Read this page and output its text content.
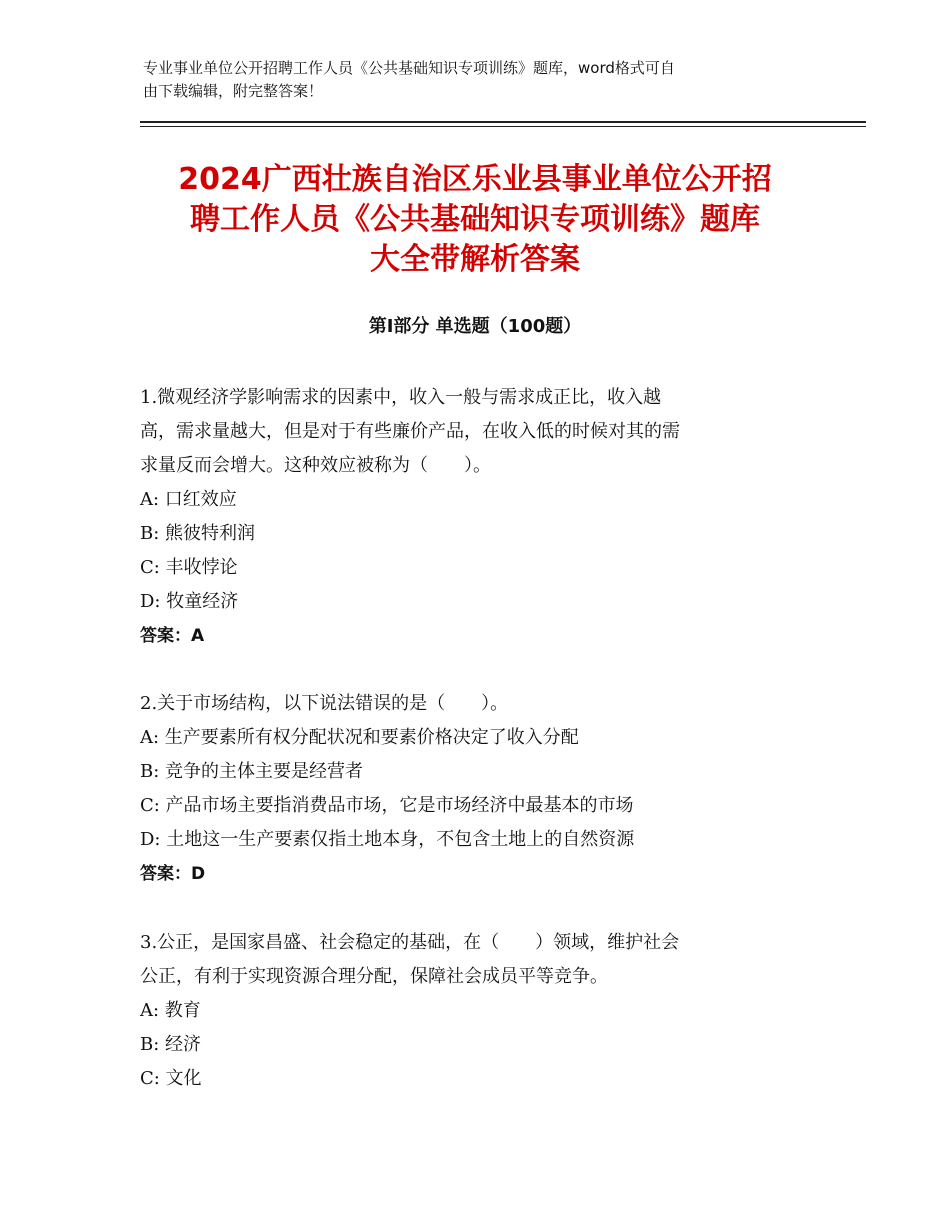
专业事业单位公开招聘工作人员《公共基础知识专项训练》题库，word格式可自
由下载编辑，附完整答案！
2024广西壮族自治区乐业县事业单位公开招
聘工作人员《公共基础知识专项训练》题库
大全带解析答案
第Ⅰ部分 单选题（100题）

1.微观经济学影响需求的因素中，收入一般与需求成正比，收入越

高，需求量越大，但是对于有些廉价产品，在收入低的时候对其的需

求量反而会增大。这种效应被称为（　　）。

A: 口红效应

B: 熊彼特利润

C: 丰收悖论

D: 牧童经济

答案：A

2.关于市场结构，以下说法错误的是（　　）。

A: 生产要素所有权分配状况和要素价格决定了收入分配

B: 竞争的主体主要是经营者

C: 产品市场主要指消费品市场，它是市场经济中最基本的市场

D: 土地这一生产要素仅指土地本身，不包含土地上的自然资源

答案：D

3.公正，是国家昌盛、社会稳定的基础，在（　　）领域，维护社会

公正，有利于实现资源合理分配，保障社会成员平等竞争。

A: 教育

B: 经济

C: 文化
